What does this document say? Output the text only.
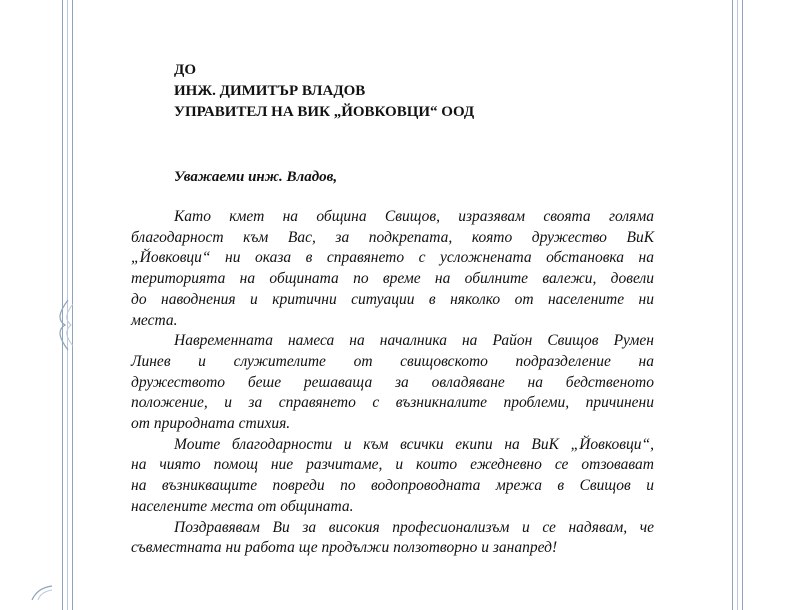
ДО
ИНЖ. ДИМИТЪР ВЛАДОВ
УПРАВИТЕЛ НА ВИК „ЙОВКОВЦИ“ ООД
Уважаеми инж. Владов,
Като кмет на община Свищов, изразявам своята голяма
благодарност към Вас, за подкрепата, която дружество ВиК
„Йовковци“ ни оказа в справянето с усложнената обстановка на
територията на общината по време на обилните валежи, довели
до наводнения и критични ситуации в няколко от населените ни
места.
Навременната намеса на началника на Район Свищов Румен
Линев и служителите от свищовското подразделение на
дружеството беше решаваща за овладяване на бедственото
положение, и за справянето с възникналите проблеми, причинени
от природната стихия.
Моите благодарности и към всички екипи на ВиК „Йовковци“,
на чиято помощ ние разчитаме, и които ежедневно се отзовават
на възникващите повреди по водопроводната мрежа в Свищов и
населените места от общината.
Поздравявам Ви за високия професионализъм и се надявам, че
съвместната ни работа ще продължи ползотворно и занапред!
